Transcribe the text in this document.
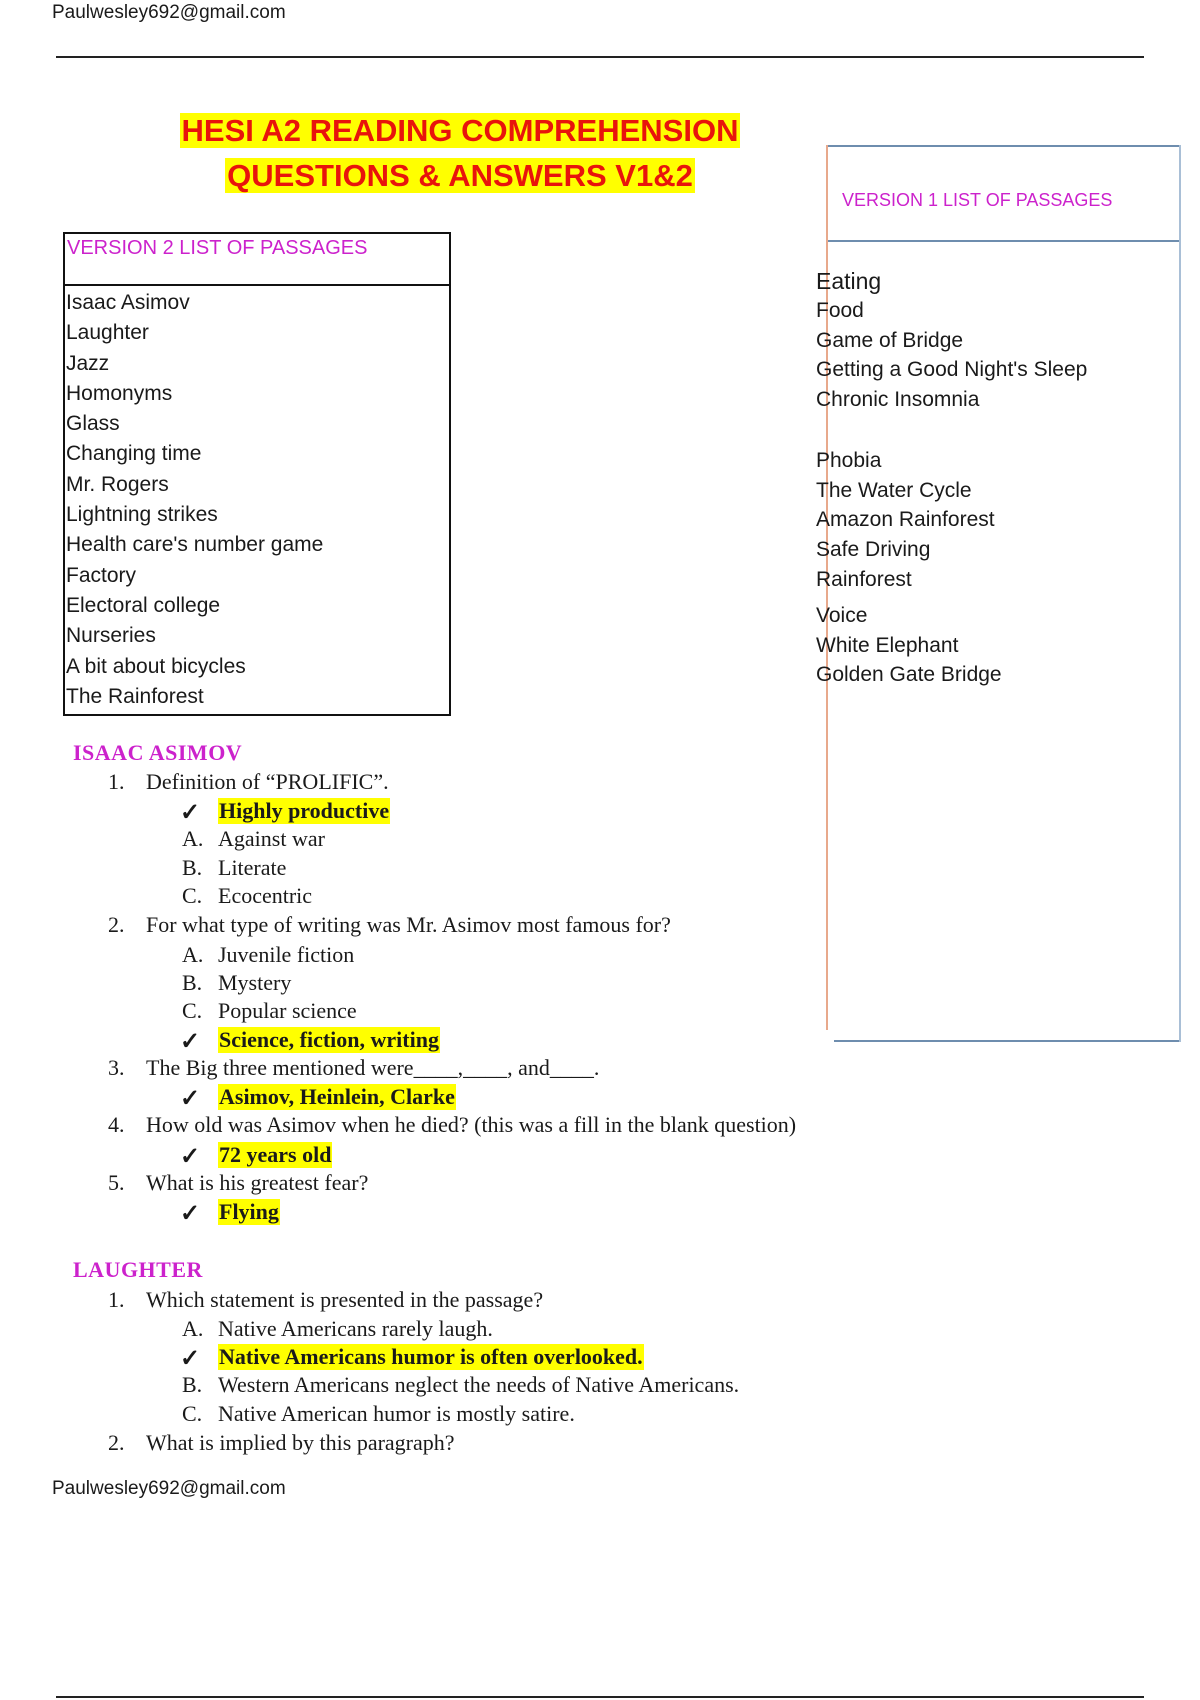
Paulwesley692@gmail.com
HESI A2 READING COMPREHENSION
QUESTIONS & ANSWERS V1&2
VERSION 2 LIST OF PASSAGES
Isaac Asimov
Laughter
Jazz
Homonyms
Glass
Changing time
Mr. Rogers
Lightning strikes
Health care's number game
Factory
Electoral college
Nurseries
A bit about bicycles
The Rainforest
VERSION 1 LIST OF PASSAGES
Eating
Food
Game of Bridge
Getting a Good Night's Sleep
Chronic Insomnia
Phobia
The Water Cycle
Amazon Rainforest
Safe Driving
Rainforest
Voice
White Elephant
Golden Gate Bridge
ISAAC ASIMOV
1. Definition of “PROLIFIC”.
✓ Highly productive
A. Against war
B. Literate
C. Ecocentric
2. For what type of writing was Mr. Asimov most famous for?
A. Juvenile fiction
B. Mystery
C. Popular science
✓ Science, fiction, writing
3. The Big three mentioned were____,____, and____.
✓ Asimov, Heinlein, Clarke
4. How old was Asimov when he died? (this was a fill in the blank question)
✓ 72 years old
5. What is his greatest fear?
✓ Flying
LAUGHTER
1. Which statement is presented in the passage?
A. Native Americans rarely laugh.
✓ Native Americans humor is often overlooked.
B. Western Americans neglect the needs of Native Americans.
C. Native American humor is mostly satire.
2. What is implied by this paragraph?
Paulwesley692@gmail.com
